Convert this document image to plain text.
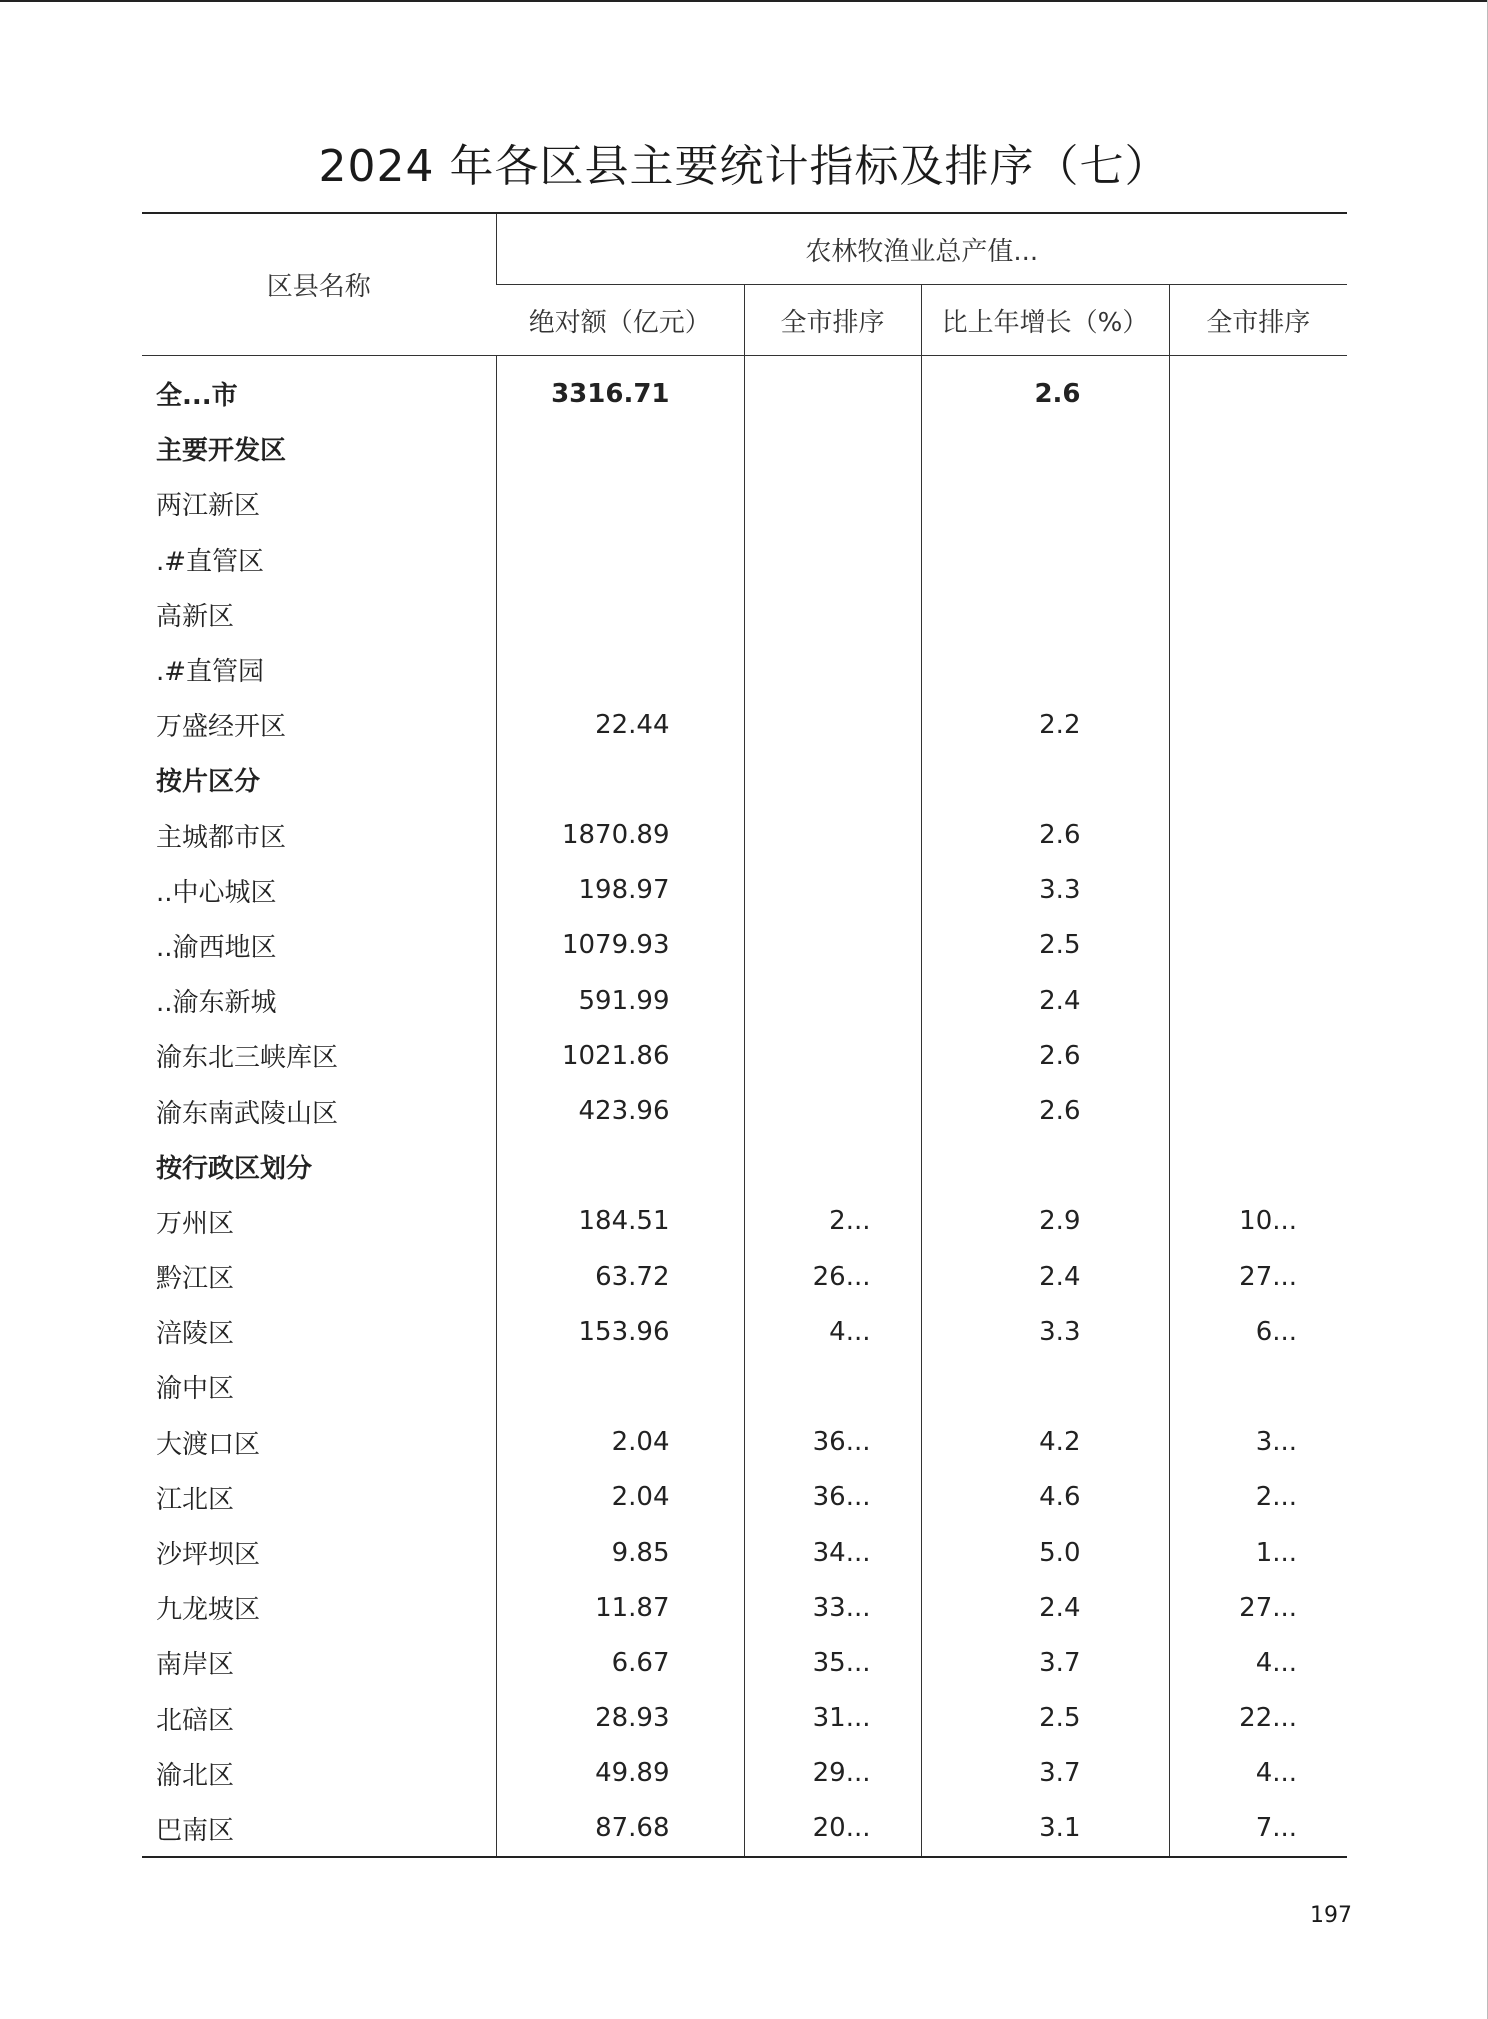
2024 年各区县主要统计指标及排序（七）
区县名称	农林牧渔业总产值...			
	绝对额（亿元）	全市排序	比上年增长（%）	全市排序
全...市	3316.71		2.6	
主要开发区				
两江新区				
.#直管区				
高新区				
.#直管园				
万盛经开区	22.44		2.2	
按片区分				
主城都市区	1870.89		2.6	
..中心城区	198.97		3.3	
..渝西地区	1079.93		2.5	
..渝东新城	591.99		2.4	
渝东北三峡库区	1021.86		2.6	
渝东南武陵山区	423.96		2.6	
按行政区划分				
万州区	184.51	2...	2.9	10...
黔江区	63.72	26...	2.4	27...
涪陵区	153.96	4...	3.3	6...
渝中区				
大渡口区	2.04	36...	4.2	3...
江北区	2.04	36...	4.6	2...
沙坪坝区	9.85	34...	5.0	1...
九龙坡区	11.87	33...	2.4	27...
南岸区	6.67	35...	3.7	4...
北碚区	28.93	31...	2.5	22...
渝北区	49.89	29...	3.7	4...
巴南区	87.68	20...	3.1	7...
197
